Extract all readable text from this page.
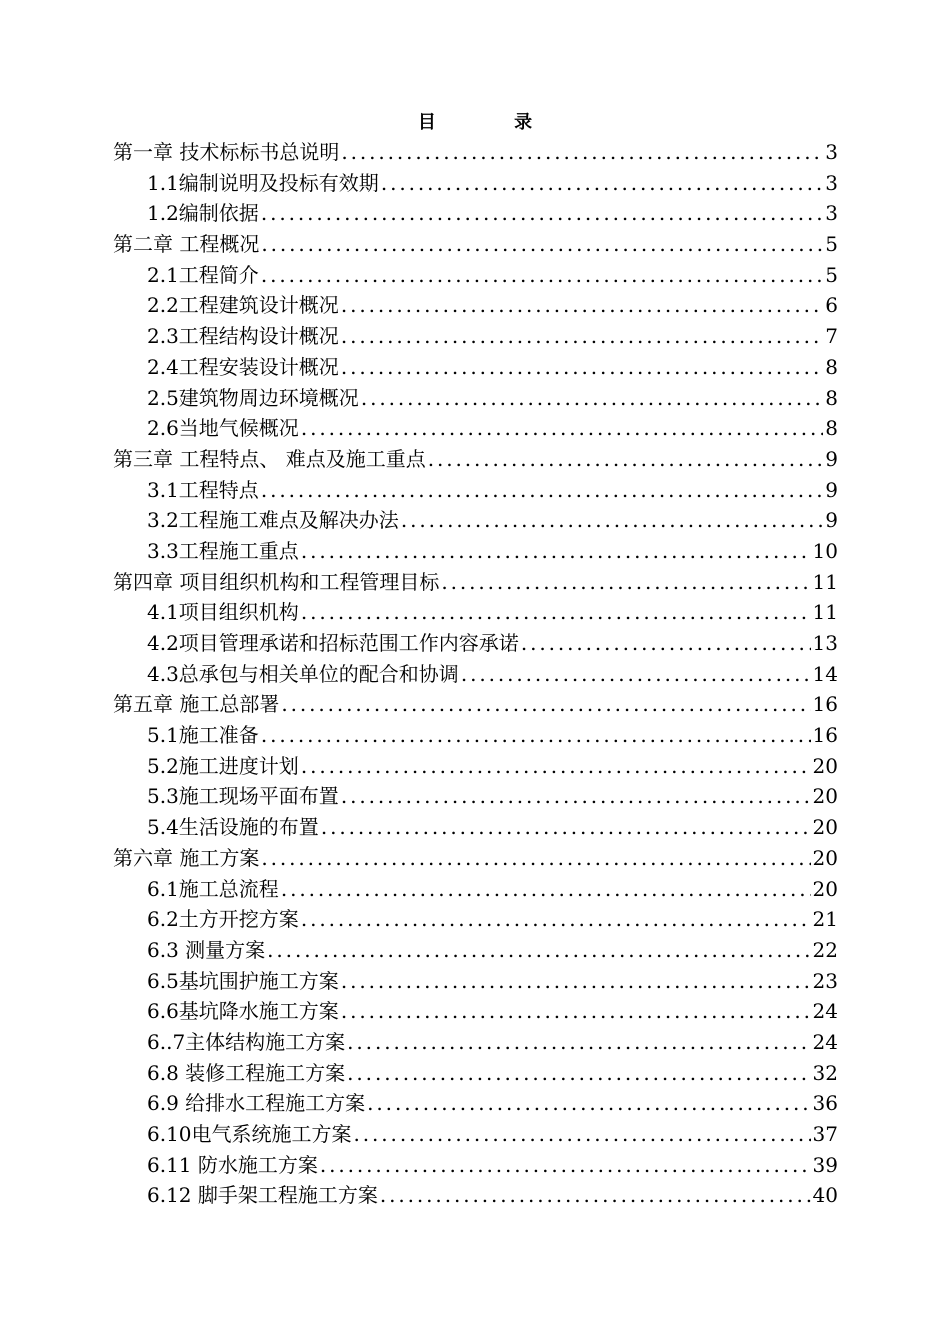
目 录
第一章 技术标标书总说明 .....	3
1.1编制说明及投标有效期 .....	3
1.2编制依据 .....	3
第二章 工程概况 .....	5
2.1工程简介 .....	5
2.2工程建筑设计概况 .....	6
2.3工程结构设计概况 .....	7
2.4工程安装设计概况 .....	8
2.5建筑物周边环境概况 .....	8
2.6当地气候概况 .....	8
第三章 工程特点、 难点及施工重点 .....	9
3.1工程特点 .....	9
3.2工程施工难点及解决办法 .....	9
3.3工程施工重点 .....	10
第四章 项目组织机构和工程管理目标 .....	11
4.1项目组织机构 .....	11
4.2项目管理承诺和招标范围工作内容承诺 .....	13
4.3总承包与相关单位的配合和协调 .....	14
第五章 施工总部署 .....	16
5.1施工准备 .....	16
5.2施工进度计划 .....	20
5.3施工现场平面布置 .....	20
5.4生活设施的布置 .....	20
第六章 施工方案 .....	20
6.1施工总流程 .....	20
6.2土方开挖方案 .....	21
6.3 测量方案 .....	22
6.5基坑围护施工方案 .....	23
6.6基坑降水施工方案 .....	24
6..7主体结构施工方案 .....	24
6.8 装修工程施工方案 .....	32
6.9 给排水工程施工方案 .....	36
6.10电气系统施工方案 .....	37
6.11 防水施工方案 .....	39
6.12 脚手架工程施工方案 .....	40
